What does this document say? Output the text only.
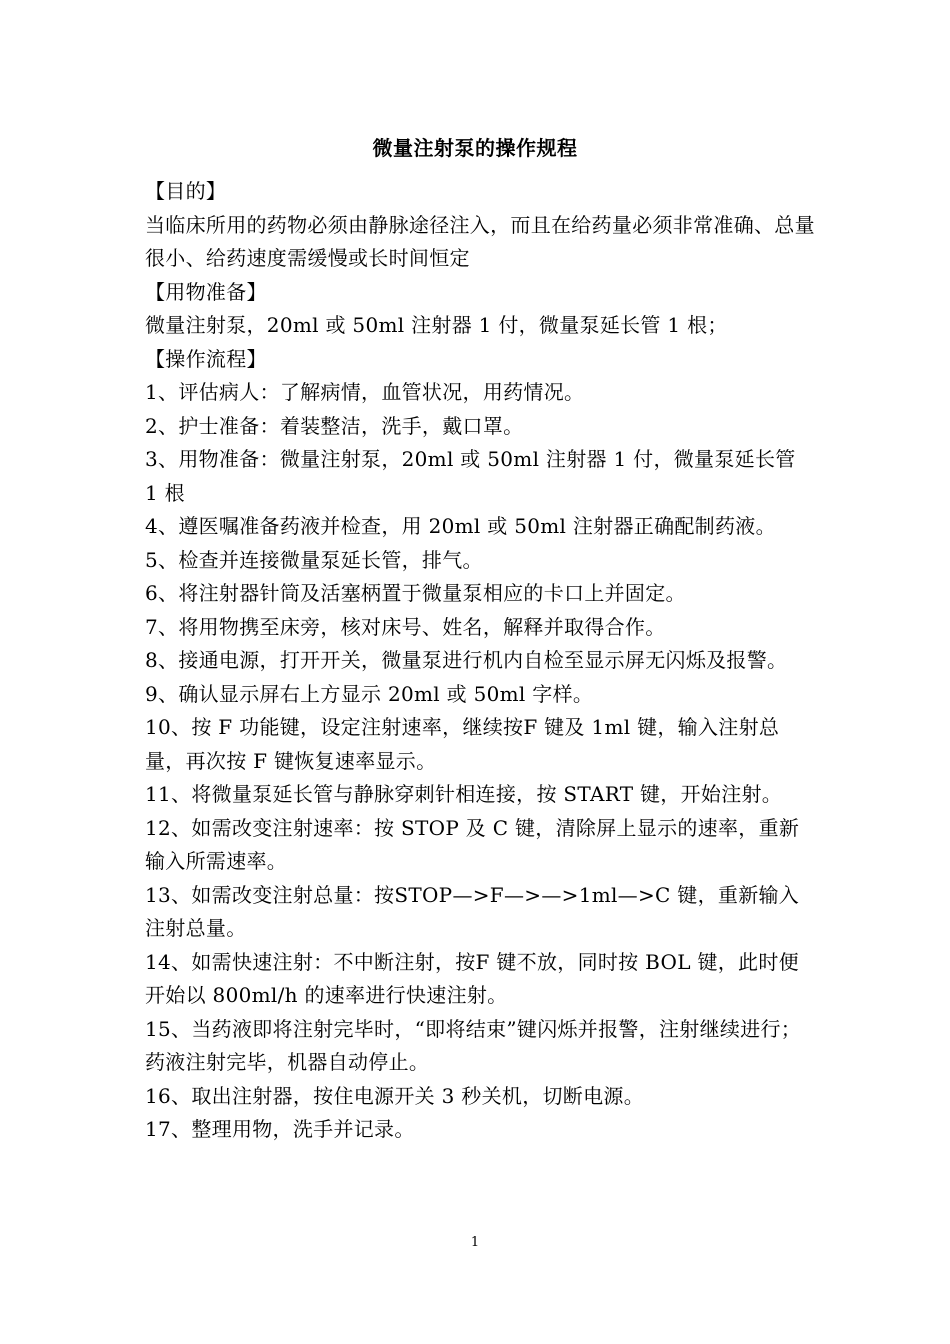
微量注射泵的操作规程

【目的】

当临床所用的药物必须由静脉途径注入，而且在给药量必须非常准确、总量很小、给药速度需缓慢或长时间恒定

【用物准备】

微量注射泵，20ml 或 50ml 注射器 1 付，微量泵延长管 1 根；

【操作流程】

1、评估病人：了解病情，血管状况，用药情况。

2、护士准备：着装整洁，洗手，戴口罩。

3、用物准备：微量注射泵，20ml 或 50ml 注射器 1 付，微量泵延长管 1 根

4、遵医嘱准备药液并检查，用 20ml 或 50ml 注射器正确配制药液。

5、检查并连接微量泵延长管，排气。

6、将注射器针筒及活塞柄置于微量泵相应的卡口上并固定。

7、将用物携至床旁，核对床号、姓名，解释并取得合作。

8、接通电源，打开开关，微量泵进行机内自检至显示屏无闪烁及报警。

9、确认显示屏右上方显示 20ml 或 50ml 字样。

10、按 F 功能键，设定注射速率，继续按F 键及 1ml 键，输入注射总量，再次按 F 键恢复速率显示。

11、将微量泵延长管与静脉穿刺针相连接，按 START 键，开始注射。

12、如需改变注射速率：按 STOP 及 C 键，清除屏上显示的速率，重新输入所需速率。

13、如需改变注射总量：按STOP—>F—>—>1ml—>C 键，重新输入注射总量。

14、如需快速注射：不中断注射，按F 键不放，同时按 BOL 键，此时便开始以 800ml/h 的速率进行快速注射。

15、当药液即将注射完毕时，“即将结束”键闪烁并报警，注射继续进行；药液注射完毕，机器自动停止。

16、取出注射器，按住电源开关 3 秒关机，切断电源。

17、整理用物，洗手并记录。

1
